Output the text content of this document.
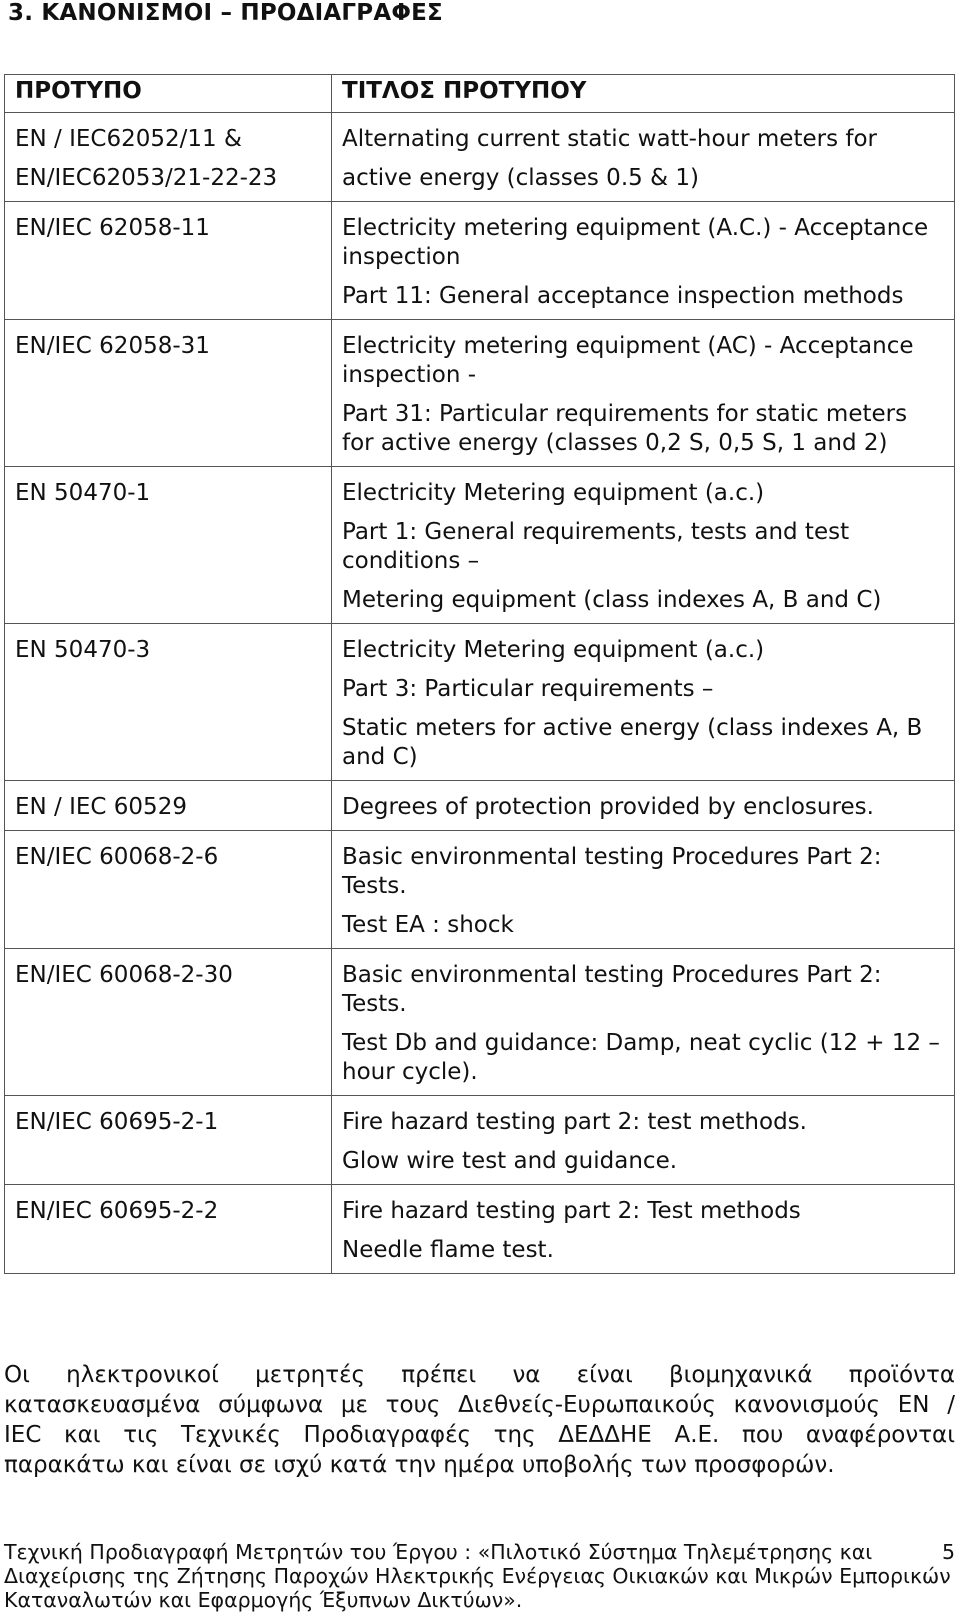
3. ΚΑΝΟΝΙΣΜΟΙ – ΠΡΟΔΙΑΓΡΑΦΕΣ
ΠΡΟΤΥΠΟ	ΤΙΤΛΟΣ ΠΡΟΤΥΠΟΥ

EN / IEC62052/11 &
EN/IEC62053/21-22-23	Alternating current static watt-hour meters for
active energy (classes 0.5 & 1)

EN/IEC 62058-11	Electricity metering equipment (A.C.) - Acceptance inspection
Part 11: General acceptance inspection methods

EN/IEC 62058-31	Electricity metering equipment (AC) - Acceptance inspection -
Part 31: Particular requirements for static meters for active energy (classes 0,2 S, 0,5 S, 1 and 2)

EN 50470-1	Electricity Metering equipment (a.c.)
Part 1: General requirements, tests and test conditions –
Metering equipment (class indexes A, B and C)

EN 50470-3	Electricity Metering equipment (a.c.)
Part 3: Particular requirements –
Static meters for active energy (class indexes A, B and C)

EN / IEC 60529	Degrees of protection provided by enclosures.

EN/IEC 60068-2-6	Basic environmental testing Procedures Part 2: Tests.
Test EA : shock

EN/IEC 60068-2-30	Basic environmental testing Procedures Part 2: Tests.
Test Db and guidance: Damp, neat cyclic (12 + 12 – hour cycle).

EN/IEC 60695-2-1	Fire hazard testing part 2: test methods.
Glow wire test and guidance.

EN/IEC 60695-2-2	Fire hazard testing part 2: Test methods
Needle flame test.
Οι ηλεκτρονικοί μετρητές πρέπει να είναι βιομηχανικά προϊόντα
κατασκευασμένα σύμφωνα με τους Διεθνείς-Ευρωπαικούς κανονισμούς EN /
IEC και τις Τεχνικές Προδιαγραφές της ΔΕΔΔΗΕ Α.Ε. που αναφέρονται
παρακάτω και είναι σε ισχύ κατά την ημέρα υποβολής των προσφορών.
Τεχνική Προδιαγραφή Μετρητών του Έργου : «Πιλοτικό Σύστημα Τηλεμέτρησης και
Διαχείρισης της Ζήτησης Παροχών Ηλεκτρικής Ενέργειας Οικιακών και Μικρών Εμπορικών
Καταναλωτών και Εφαρμογής Έξυπνων Δικτύων».
5
